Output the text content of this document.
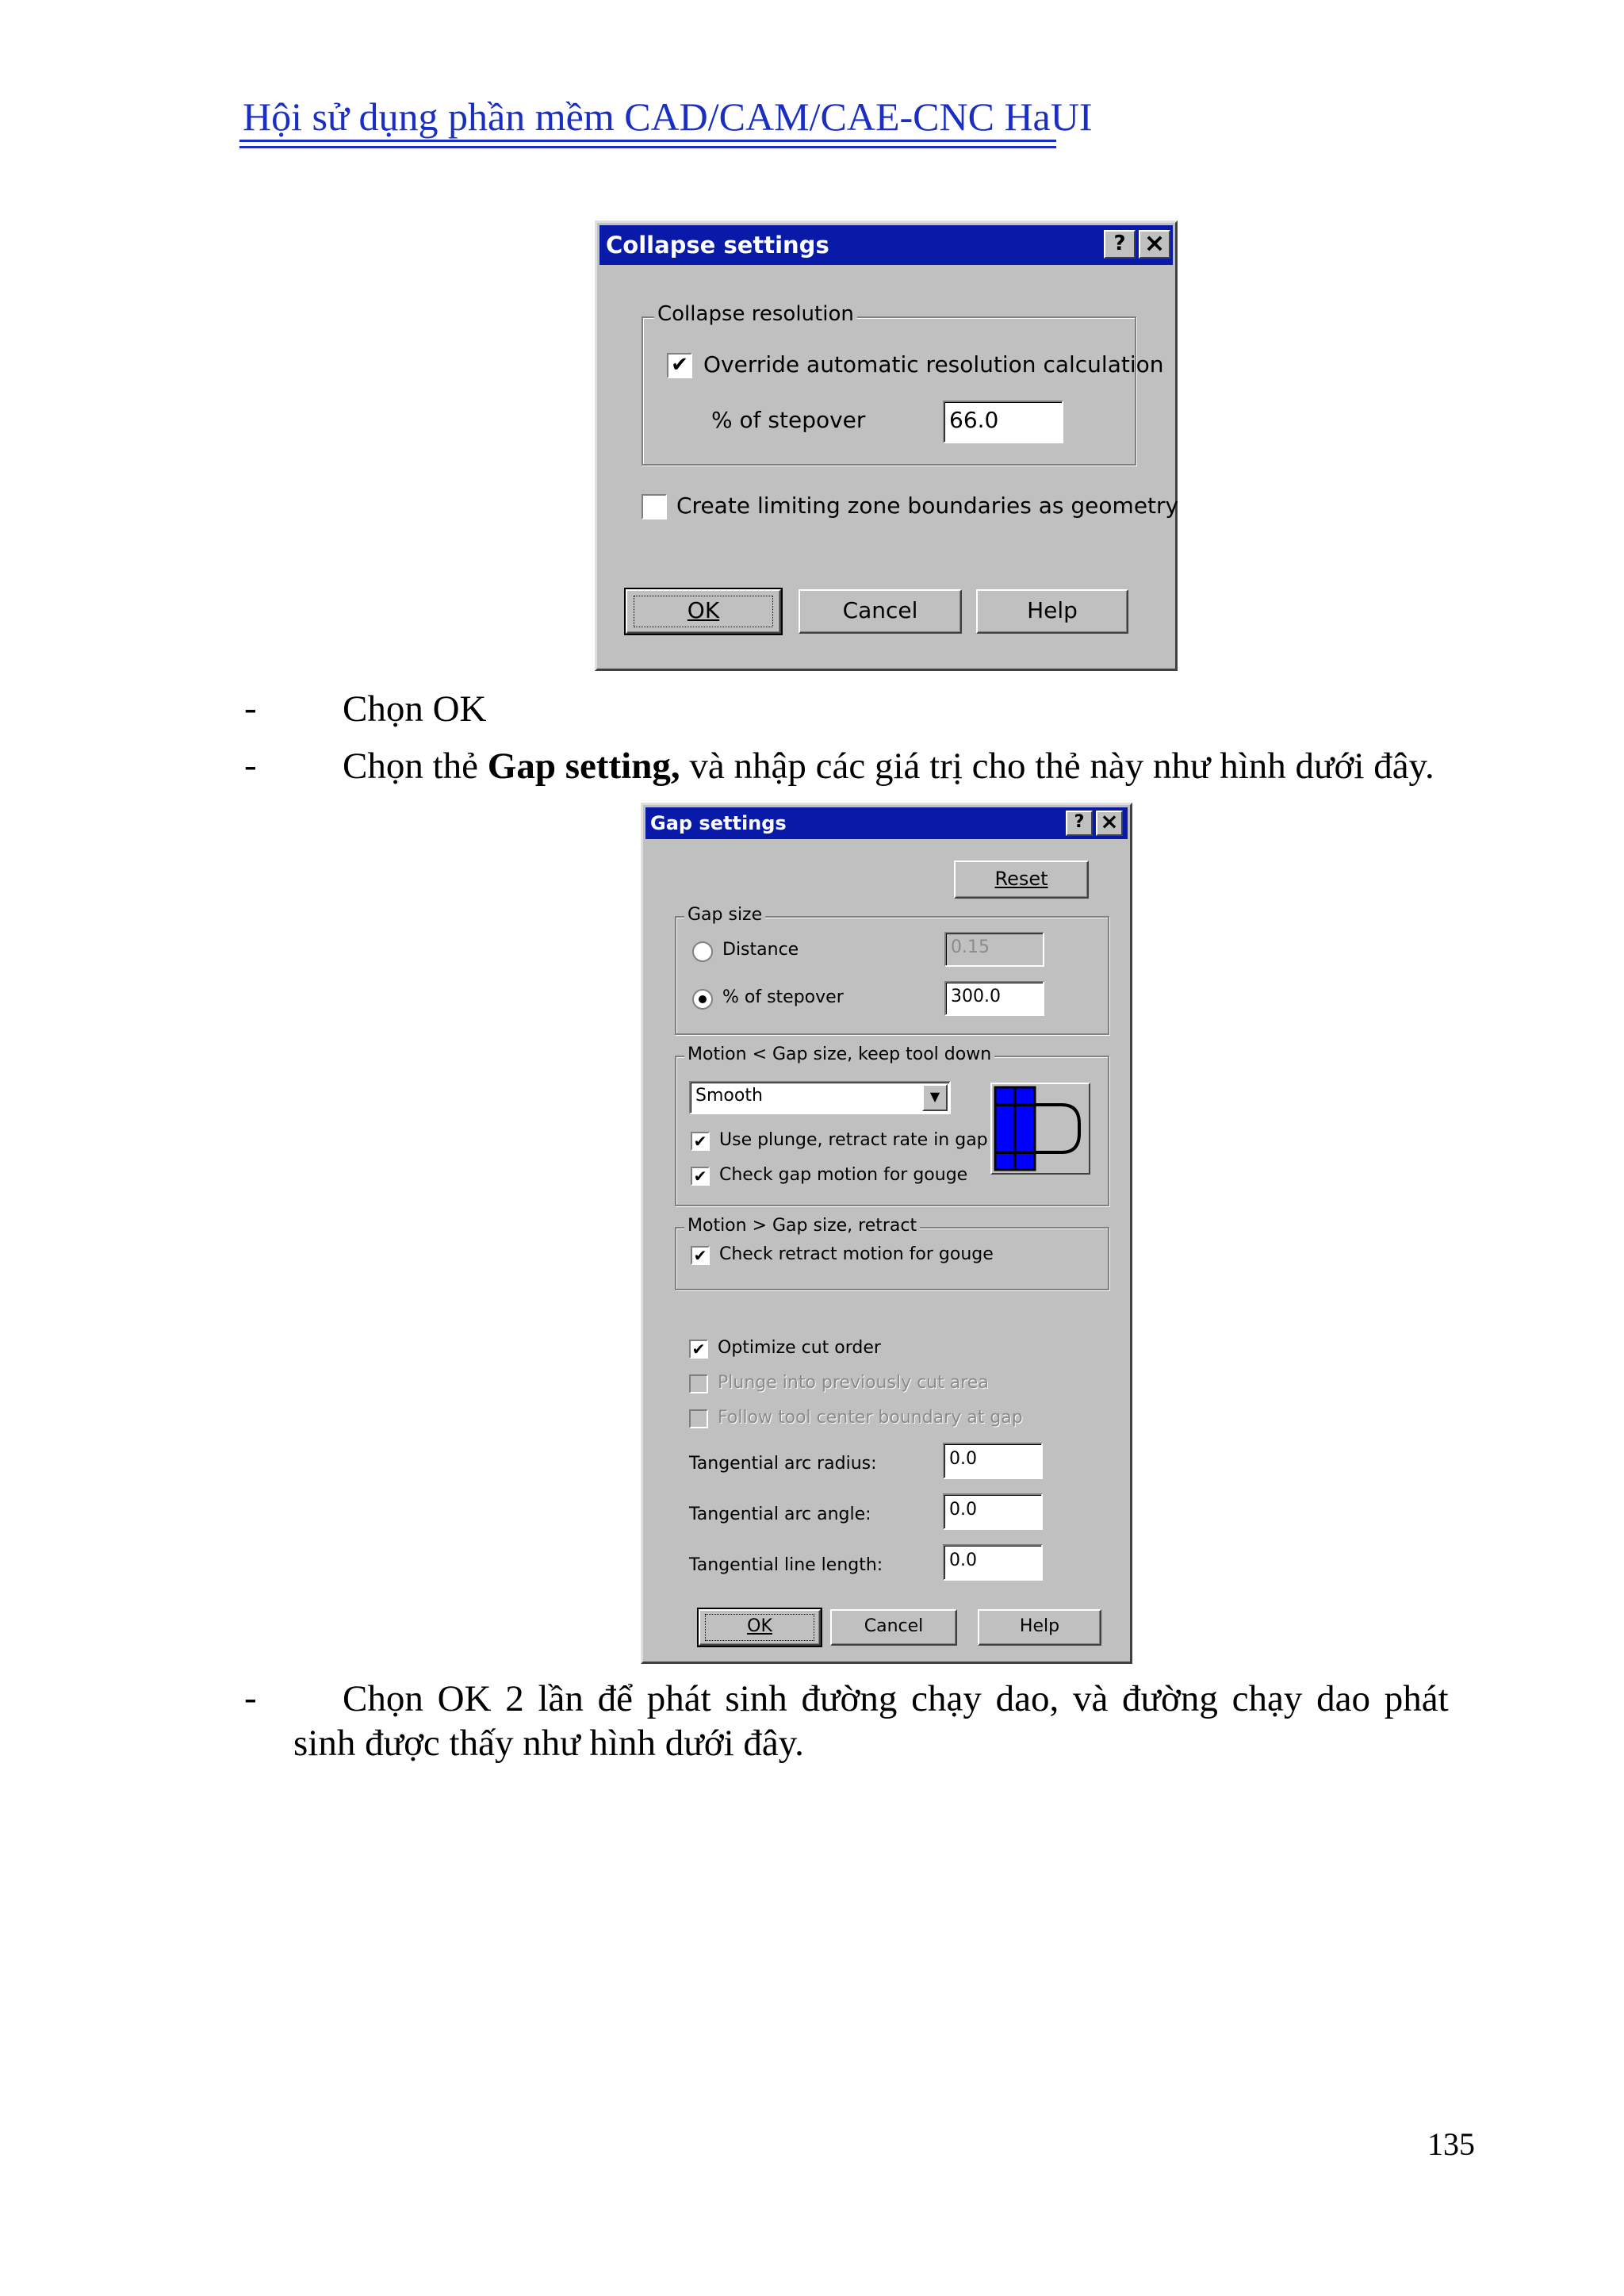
Hội sử dụng phần mềm CAD/CAM/CAE-CNC HaUI
Collapse settings	? ×
Collapse resolution
✔ Override automatic resolution calculation
% of stepover	66.0
Create limiting zone boundaries as geometry
OK	Cancel	Help
- Chọn OK
- Chọn thẻ Gap setting, và nhập các giá trị cho thẻ này như hình dưới đây.
Gap settings	? ×
Reset
Gap size
Distance	0.15
% of stepover	300.0
Motion < Gap size, keep tool down
Smooth	▼
✔ Use plunge, retract rate in gap
✔ Check gap motion for gouge
Motion > Gap size, retract
✔ Check retract motion for gouge
✔ Optimize cut order
Plunge into previously cut area
Follow tool center boundary at gap
Tangential arc radius:	0.0
Tangential arc angle:	0.0
Tangential line length:	0.0
OK	Cancel	Help
- Chọn OK 2 lần để phát sinh đường chạy dao, và đường chạy dao phát
sinh được thấy như hình dưới đây.
135
